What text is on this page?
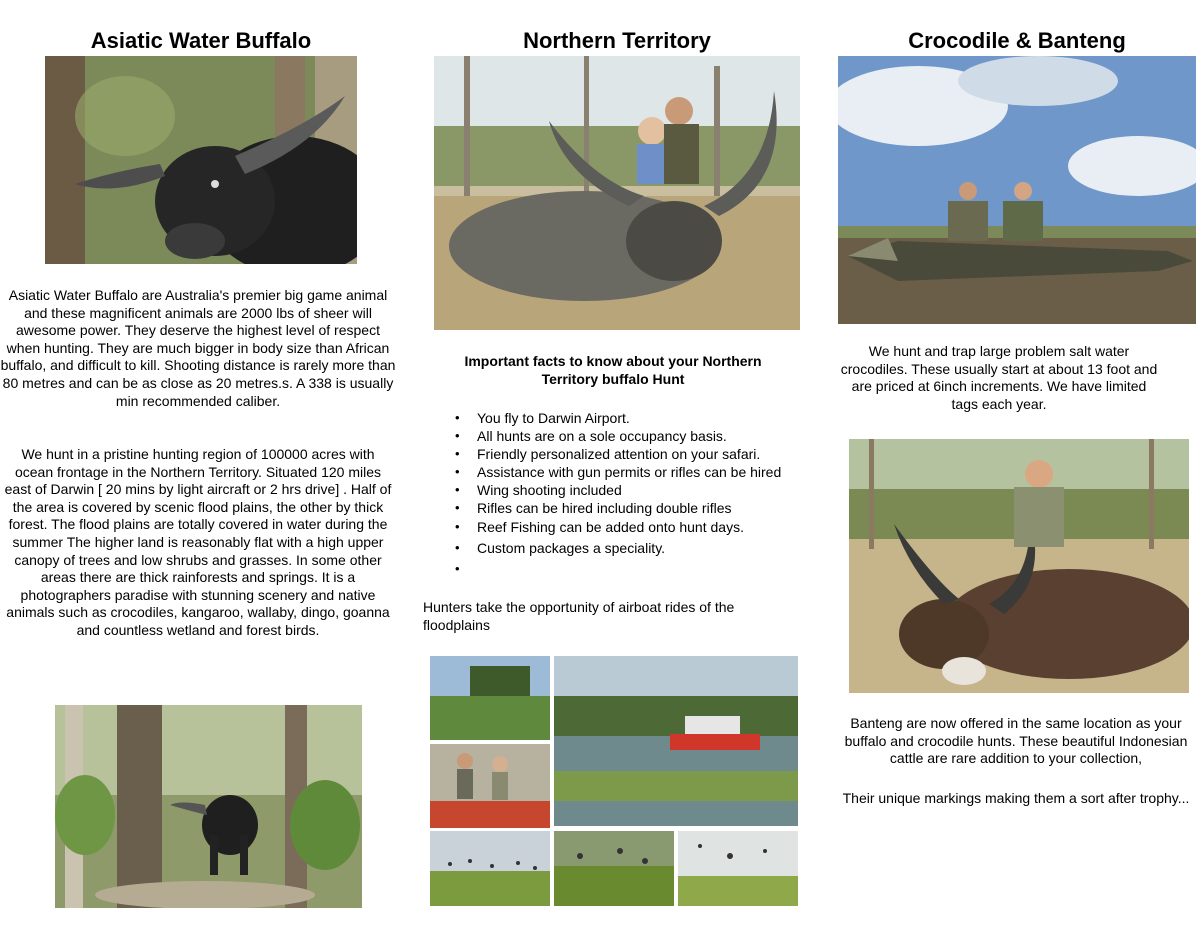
Asiatic Water Buffalo

Asiatic Water Buffalo are Australia's premier big game animal and these magnificent animals are 2000 lbs of sheer will awesome power. They deserve the highest level of respect when hunting. They are much bigger in body size than African buffalo, and difficult to kill. Shooting distance is rarely more than 80 metres and can be as close as 20 metres.s. A 338 is usually min recommended caliber.

We hunt in a pristine hunting region of 100000 acres with ocean frontage in the Northern Territory. Situated 120 miles east of Darwin [ 20 mins by light aircraft or 2 hrs drive] . Half of the area is covered by scenic flood plains, the other by thick forest. The flood plains are totally covered in water during the summer The higher land is reasonably flat with a high upper canopy of trees and low shrubs and grasses. In some other areas there are thick rainforests and springs. It is a photographers paradise with stunning scenery and native animals such as crocodiles, kangaroo, wallaby, dingo, goanna and countless wetland and forest birds.

Northern Territory
Important facts to know about your Northern Territory buffalo Hunt
• You fly to Darwin Airport.
• All hunts are on a sole occupancy basis.
• Friendly personalized attention on your safari.
• Assistance with gun permits or rifles can be hired
• Wing shooting included
• Rifles can be hired including double rifles
• Reef Fishing can be added onto hunt days.
• Custom packages a speciality.
•
Hunters take the opportunity of airboat rides of the floodplains
Crocodile & Banteng

We hunt and trap large problem salt water crocodiles. These usually start at about 13 foot and are priced at 6inch increments. We have limited tags each year.

Banteng are now offered in the same location as your buffalo and crocodile hunts. These beautiful Indonesian cattle are rare addition to your collection,

Their unique markings making them a sort after trophy...
